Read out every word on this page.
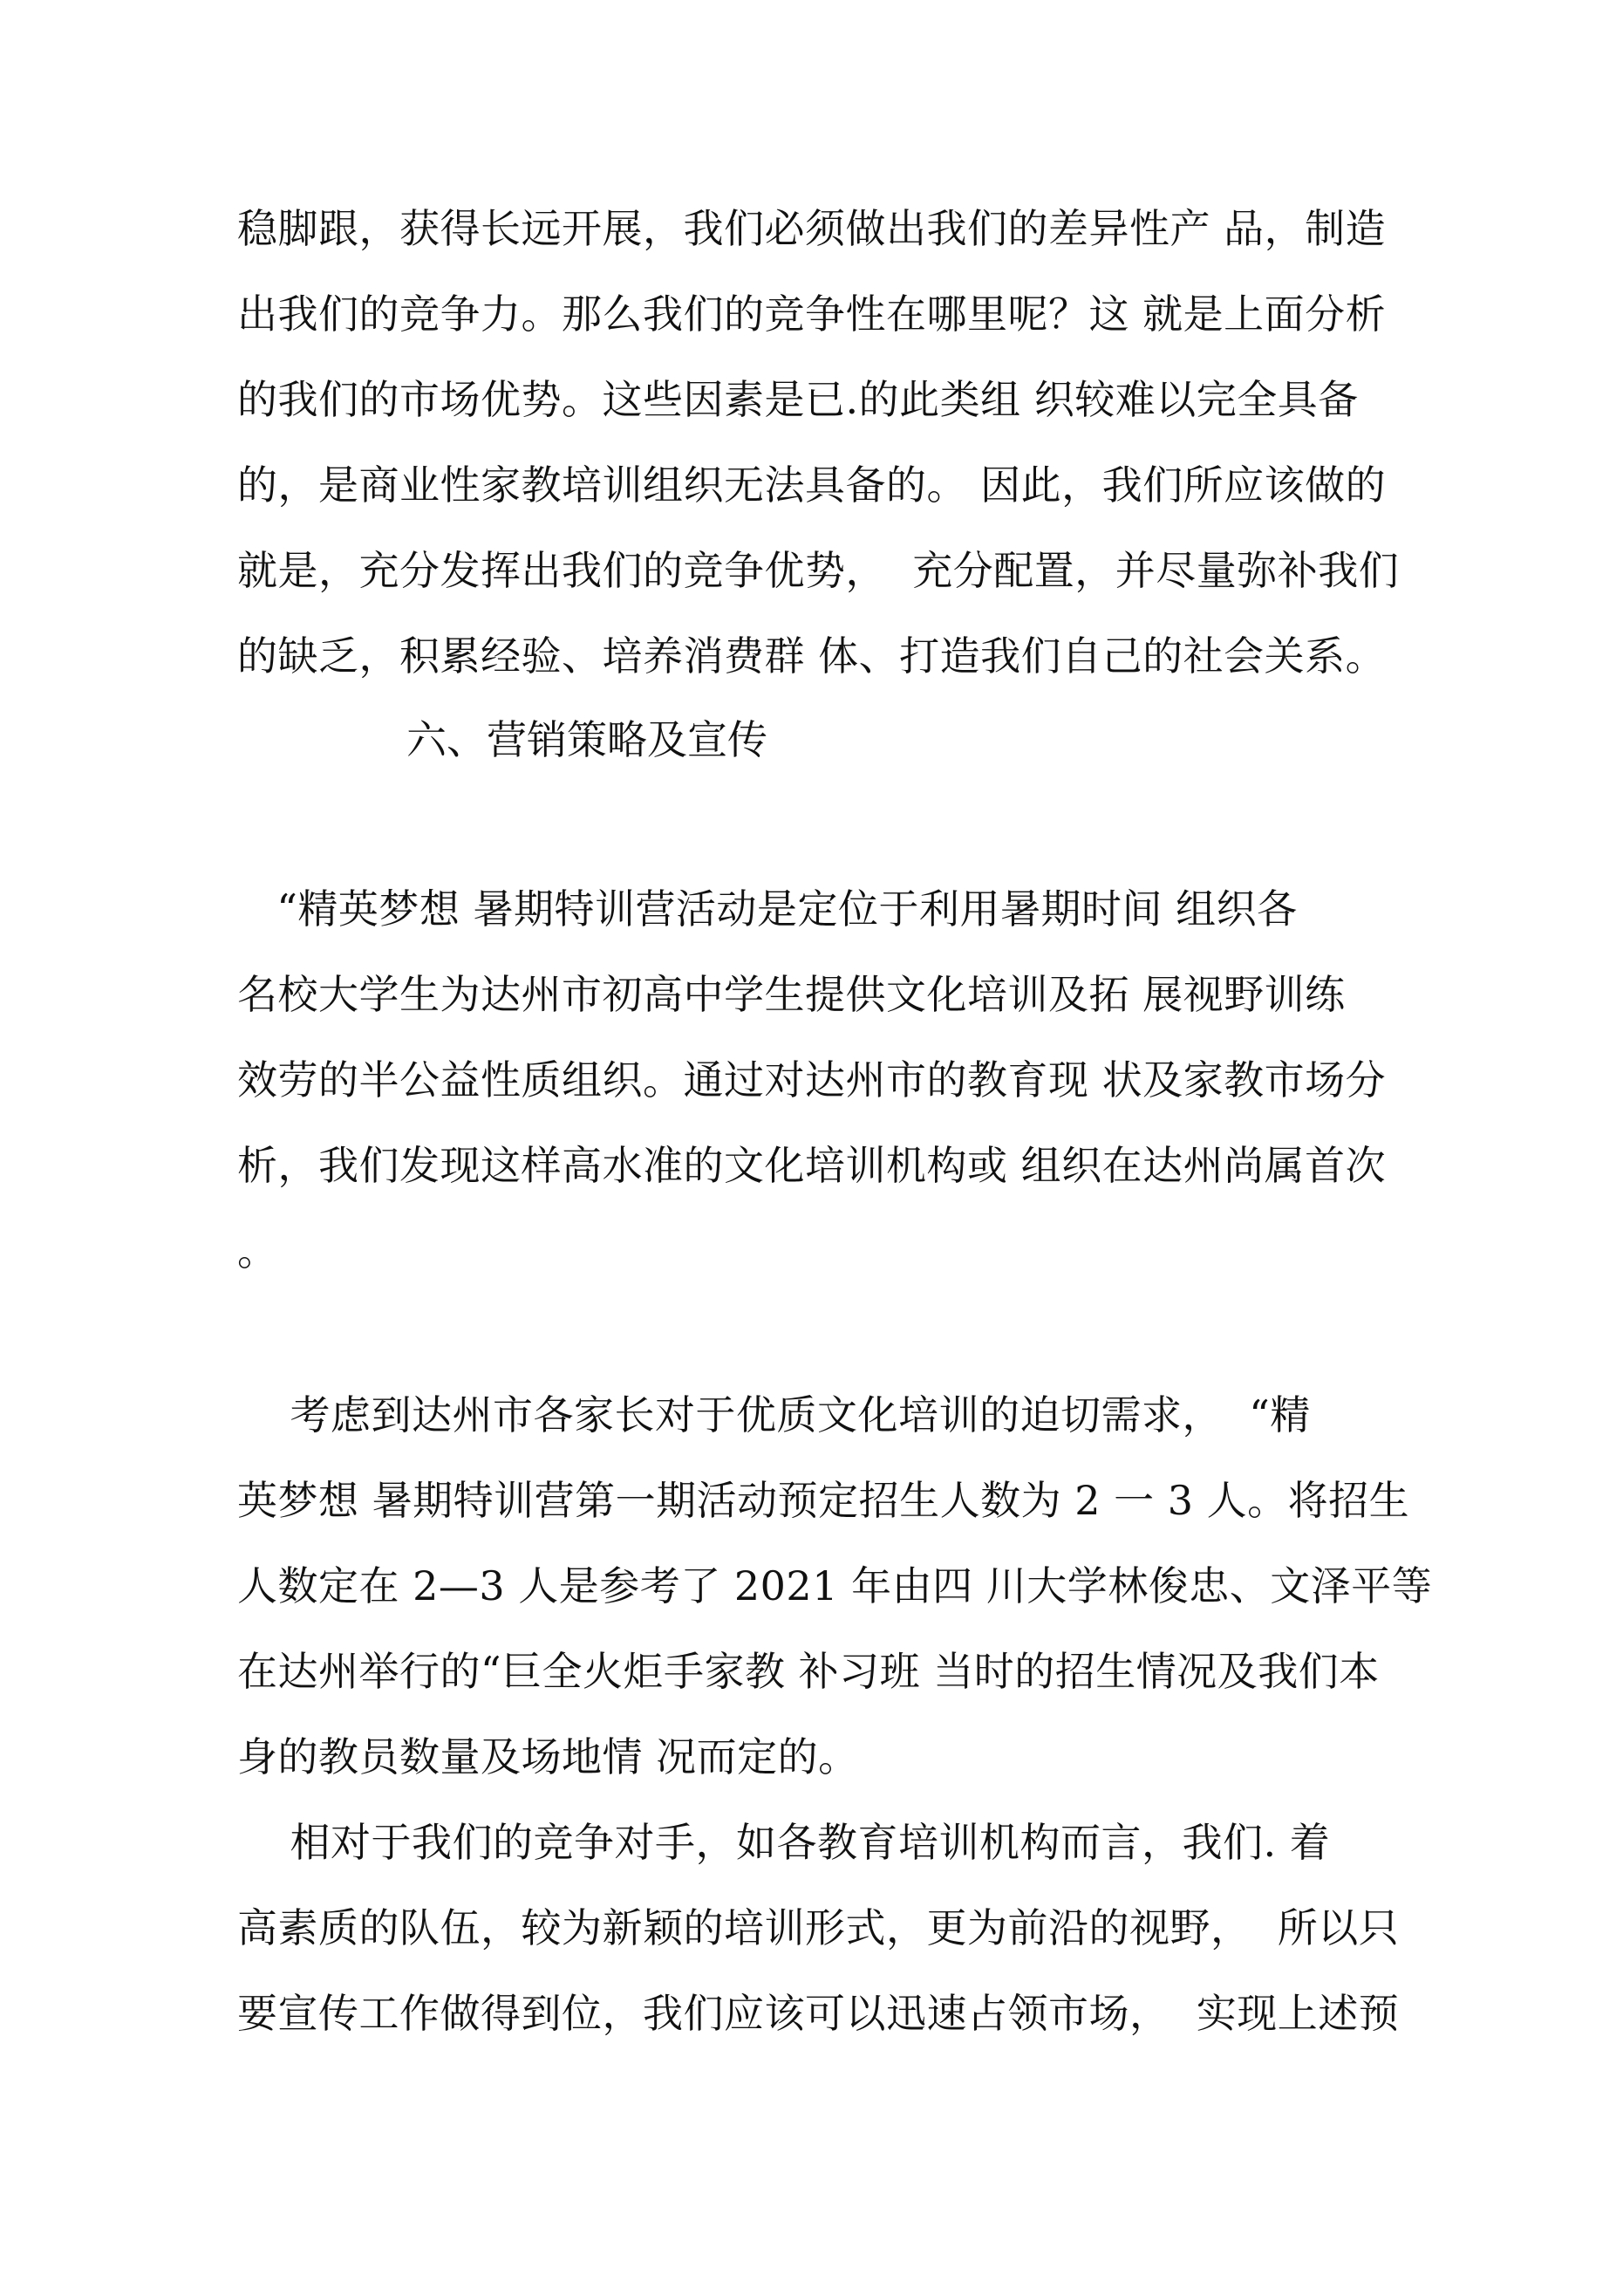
稳脚跟，获得长远开展，我们必须做出我们的差异性产 品，制造
出我们的竞争力。那么我们的竞争性在哪里呢？这 就是上面分析
的我们的市场优势。这些因素是已.的此类组 织较难以完全具备
的，是商业性家教培训组织无法具备的。 因此，我们所应该做的
就是，充分发挥出我们的竞争优势，  充分配置，并尽量弥补我们
的缺乏，积累经验、培养消费群 体、打造我们自己的社会关系。
六、营销策略及宣传
“精英梦想 暑期特训营活动是定位于利用暑期时间 组织各
名校大学生为达州市初高中学生提供文化培训及拓 展视野训练
效劳的半公益性质组织。通过对达州市的教育现 状及家教市场分
析，我们发现这样高水准的文化培训机构或 组织在达州尚属首次
。
考虑到达州市各家长对于优质文化培训的迫切需求，  “精
英梦想 暑期特训营第一期活动预定招生人数为 2 一 3 人。将招生
人数定在 2—3 人是参考了 2021 年由四 川大学林俊忠、文泽平等
在达州举行的“巨全火炬手家教 补习班 当时的招生情况及我们本
身的教员数量及场地情 况而定的。
相对于我们的竞争对手，如各教育培训机构而言，我们. 着
高素质的队伍，较为新颖的培训形式，更为前沿的视野，  所以只
要宣传工作做得到位，我们应该可以迅速占领市场，  实现上述预
